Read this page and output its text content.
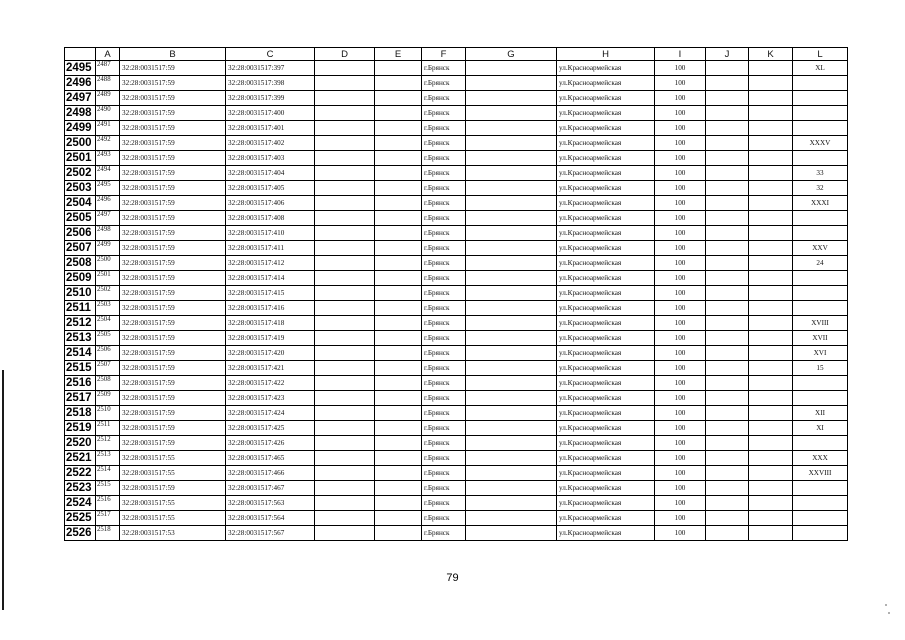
	A	B	C	D	E	F	G	H	I	J	K	L
2495	2487	32:28:0031517:59	32:28:0031517:397			г.Брянск		ул.Красноармейская	100			XL
2496	2488	32:28:0031517:59	32:28:0031517:398			г.Брянск		ул.Красноармейская	100			
2497	2489	32:28:0031517:59	32:28:0031517:399			г.Брянск		ул.Красноармейская	100			
2498	2490	32:28:0031517:59	32:28:0031517:400			г.Брянск		ул.Красноармейская	100			
2499	2491	32:28:0031517:59	32:28:0031517:401			г.Брянск		ул.Красноармейская	100			
2500	2492	32:28:0031517:59	32:28:0031517:402			г.Брянск		ул.Красноармейская	100			XXXV
2501	2493	32:28:0031517:59	32:28:0031517:403			г.Брянск		ул.Красноармейская	100			
2502	2494	32:28:0031517:59	32:28:0031517:404			г.Брянск		ул.Красноармейская	100			33
2503	2495	32:28:0031517:59	32:28:0031517:405			г.Брянск		ул.Красноармейская	100			32
2504	2496	32:28:0031517:59	32:28:0031517:406			г.Брянск		ул.Красноармейская	100			XXXI
2505	2497	32:28:0031517:59	32:28:0031517:408			г.Брянск		ул.Красноармейская	100			
2506	2498	32:28:0031517:59	32:28:0031517:410			г.Брянск		ул.Красноармейская	100			
2507	2499	32:28:0031517:59	32:28:0031517:411			г.Брянск		ул.Красноармейская	100			XXV
2508	2500	32:28:0031517:59	32:28:0031517:412			г.Брянск		ул.Красноармейская	100			24
2509	2501	32:28:0031517:59	32:28:0031517:414			г.Брянск		ул.Красноармейская	100			
2510	2502	32:28:0031517:59	32:28:0031517:415			г.Брянск		ул.Красноармейская	100			
2511	2503	32:28:0031517:59	32:28:0031517:416			г.Брянск		ул.Красноармейская	100			
2512	2504	32:28:0031517:59	32:28:0031517:418			г.Брянск		ул.Красноармейская	100			XVIII
2513	2505	32:28:0031517:59	32:28:0031517:419			г.Брянск		ул.Красноармейская	100			XVII
2514	2506	32:28:0031517:59	32:28:0031517:420			г.Брянск		ул.Красноармейская	100			XVI
2515	2507	32:28:0031517:59	32:28:0031517:421			г.Брянск		ул.Красноармейская	100			15
2516	2508	32:28:0031517:59	32:28:0031517:422			г.Брянск		ул.Красноармейская	100			
2517	2509	32:28:0031517:59	32:28:0031517:423			г.Брянск		ул.Красноармейская	100			
2518	2510	32:28:0031517:59	32:28:0031517:424			г.Брянск		ул.Красноармейская	100			XII
2519	2511	32:28:0031517:59	32:28:0031517:425			г.Брянск		ул.Красноармейская	100			XI
2520	2512	32:28:0031517:59	32:28:0031517:426			г.Брянск		ул.Красноармейская	100			
2521	2513	32:28:0031517:55	32:28:0031517:465			г.Брянск		ул.Красноармейская	100			XXX
2522	2514	32:28:0031517:55	32:28:0031517:466			г.Брянск		ул.Красноармейская	100			XXVIII
2523	2515	32:28:0031517:59	32:28:0031517:467			г.Брянск		ул.Красноармейская	100			
2524	2516	32:28:0031517:55	32:28:0031517:563			г.Брянск		ул.Красноармейская	100			
2525	2517	32:28:0031517:55	32:28:0031517:564			г.Брянск		ул.Красноармейская	100			
2526	2518	32:28:0031517:53	32:28:0031517:567			г.Брянск		ул.Красноармейская	100			
79
